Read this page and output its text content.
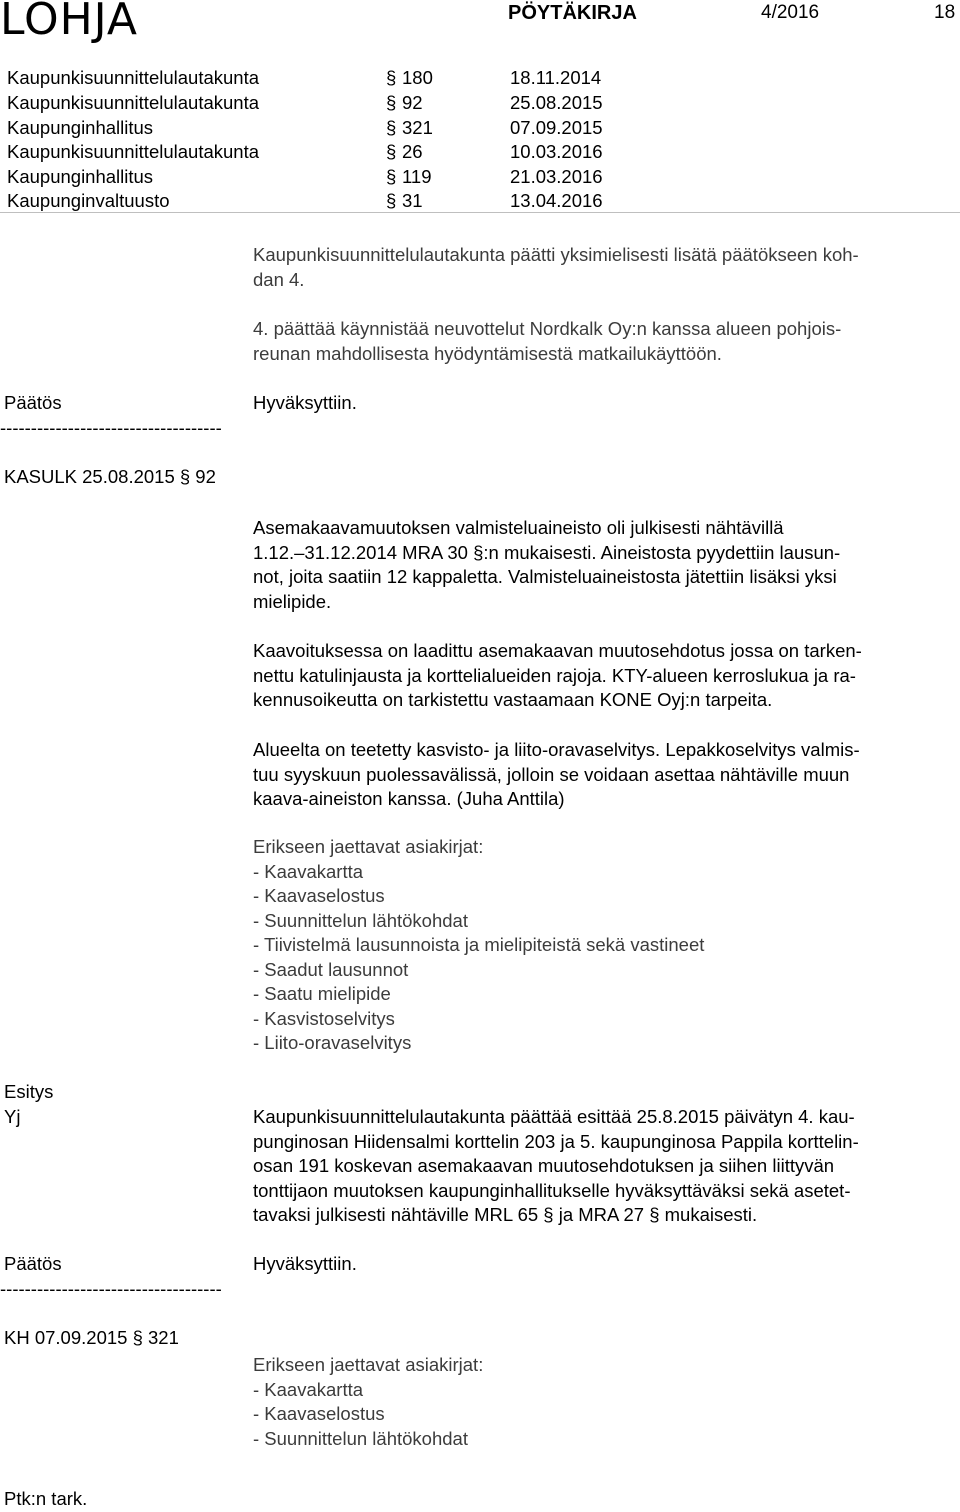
LOHJA	PÖYTÄKIRJA	4/2016	18
Kaupunkisuunnittelulautakunta	§ 180	18.11.2014
Kaupunkisuunnittelulautakunta	§ 92	25.08.2015
Kaupunginhallitus	§ 321	07.09.2015
Kaupunkisuunnittelulautakunta	§ 26	10.03.2016
Kaupunginhallitus	§ 119	21.03.2016
Kaupunginvaltuusto	§ 31	13.04.2016

Kaupunkisuunnittelulautakunta päätti yksimielisesti lisätä päätökseen koh-

dan 4.

4. päättää käynnistää neuvottelut Nordkalk Oy:n kanssa alueen pohjois-

reunan mahdollisesta hyödyntämisestä matkailukäyttöön.

Päätös	Hyväksyttiin.
------------------------------------
KASULK 25.08.2015 § 92

Asemakaavamuutoksen valmisteluaineisto oli julkisesti nähtävillä

1.12.–31.12.2014 MRA 30 §:n mukaisesti. Aineistosta pyydettiin lausun-

not, joita saatiin 12 kappaletta. Valmisteluaineistosta jätettiin lisäksi yksi

mielipide.

Kaavoituksessa on laadittu asemakaavan muutosehdotus jossa on tarken-

nettu katulinjausta ja korttelialueiden rajoja. KTY-alueen kerroslukua ja ra-

kennusoikeutta on tarkistettu vastaamaan KONE Oyj:n tarpeita.

Alueelta on teetetty kasvisto- ja liito-oravaselvitys. Lepakkoselvitys valmis-

tuu syyskuun puolessavälissä, jolloin se voidaan asettaa nähtäville muun

kaava-aineiston kanssa. (Juha Anttila)

Erikseen jaettavat asiakirjat:

- Kaavakartta

- Kaavaselostus

- Suunnittelun lähtökohdat

- Tiivistelmä lausunnoista ja mielipiteistä sekä vastineet

- Saadut lausunnot

- Saatu mielipide

- Kasvistoselvitys

- Liito-oravaselvitys

Esitys
Yj	Kaupunkisuunnittelulautakunta päättää esittää 25.8.2015 päivätyn 4. kau-

punginosan Hiidensalmi korttelin 203 ja 5. kaupunginosa Pappila korttelin-

osan 191 koskevan asemakaavan muutosehdotuksen ja siihen liittyvän

tonttijaon muutoksen kaupunginhallitukselle hyväksyttäväksi sekä asetet-

tavaksi julkisesti nähtäville MRL 65 § ja MRA 27 § mukaisesti.

Päätös	Hyväksyttiin.
------------------------------------
KH 07.09.2015 § 321

Erikseen jaettavat asiakirjat:

- Kaavakartta

- Kaavaselostus

- Suunnittelun lähtökohdat

Ptk:n tark.
